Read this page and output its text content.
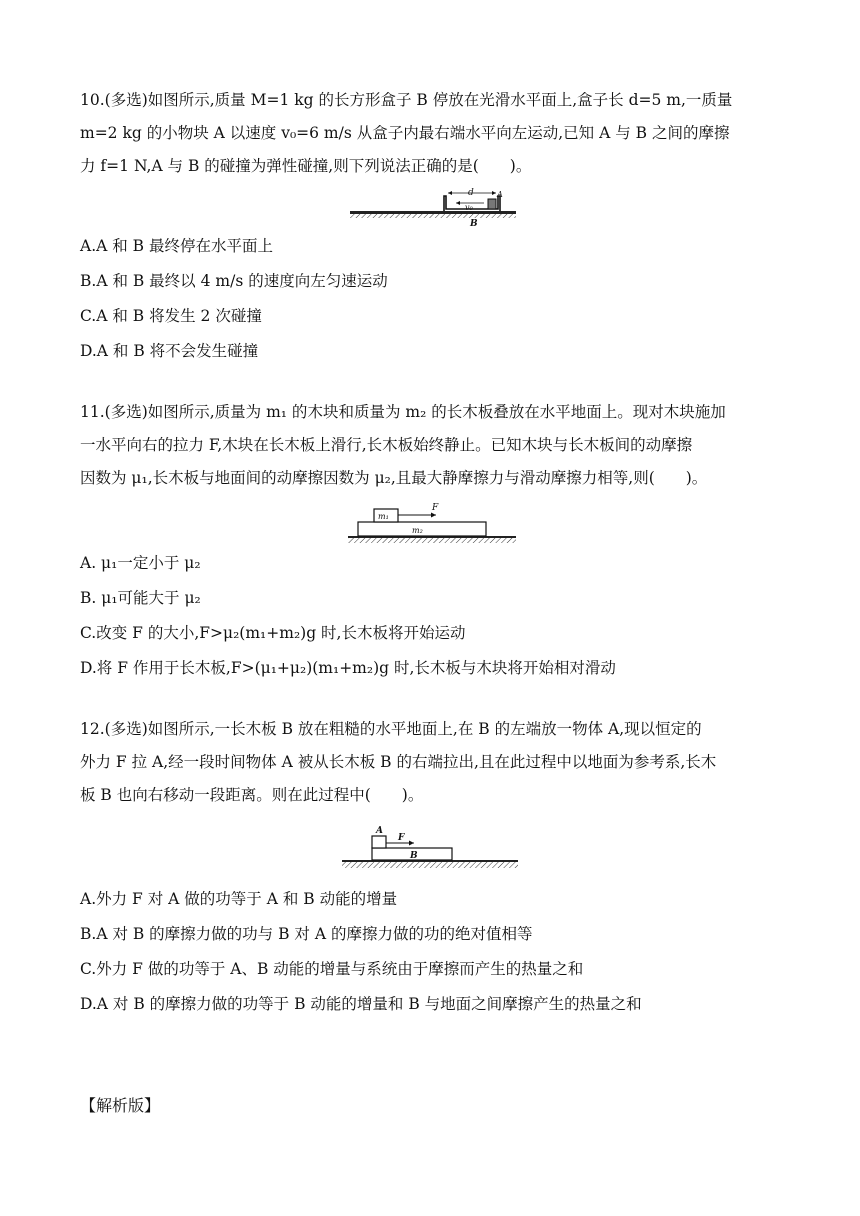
10.(多选)如图所示,质量 M=1 kg 的长方形盒子 B 停放在光滑水平面上,盒子长 d=5 m,一质量

m=2 kg 的小物块 A 以速度 v₀=6 m/s 从盒子内最右端水平向左运动,已知 A 与 B 之间的摩擦

力 f=1 N,A 与 B 的碰撞为弹性碰撞,则下列说法正确的是(　　)。

d	A
v₀
B

A.A 和 B 最终停在水平面上

B.A 和 B 最终以 4 m/s 的速度向左匀速运动

C.A 和 B 将发生 2 次碰撞

D.A 和 B 将不会发生碰撞

11.(多选)如图所示,质量为 m₁ 的木块和质量为 m₂ 的长木板叠放在水平地面上。现对木块施加

一水平向右的拉力 F,木块在长木板上滑行,长木板始终静止。已知木块与长木板间的动摩擦

因数为 μ₁,长木板与地面间的动摩擦因数为 μ₂,且最大静摩擦力与滑动摩擦力相等,则(　　)。

m₁
m₂
F

A. μ₁一定小于 μ₂

B. μ₁可能大于 μ₂

C.改变 F 的大小,F>μ₂(m₁+m₂)g 时,长木板将开始运动

D.将 F 作用于长木板,F>(μ₁+μ₂)(m₁+m₂)g 时,长木板与木块将开始相对滑动

12.(多选)如图所示,一长木板 B 放在粗糙的水平地面上,在 B 的左端放一物体 A,现以恒定的

外力 F 拉 A,经一段时间物体 A 被从长木板 B 的右端拉出,且在此过程中以地面为参考系,长木

板 B 也向右移动一段距离。则在此过程中(　　)。

A
F
B

A.外力 F 对 A 做的功等于 A 和 B 动能的增量

B.A 对 B 的摩擦力做的功与 B 对 A 的摩擦力做的功的绝对值相等

C.外力 F 做的功等于 A、B 动能的增量与系统由于摩擦而产生的热量之和

D.A 对 B 的摩擦力做的功等于 B 动能的增量和 B 与地面之间摩擦产生的热量之和

【解析版】
